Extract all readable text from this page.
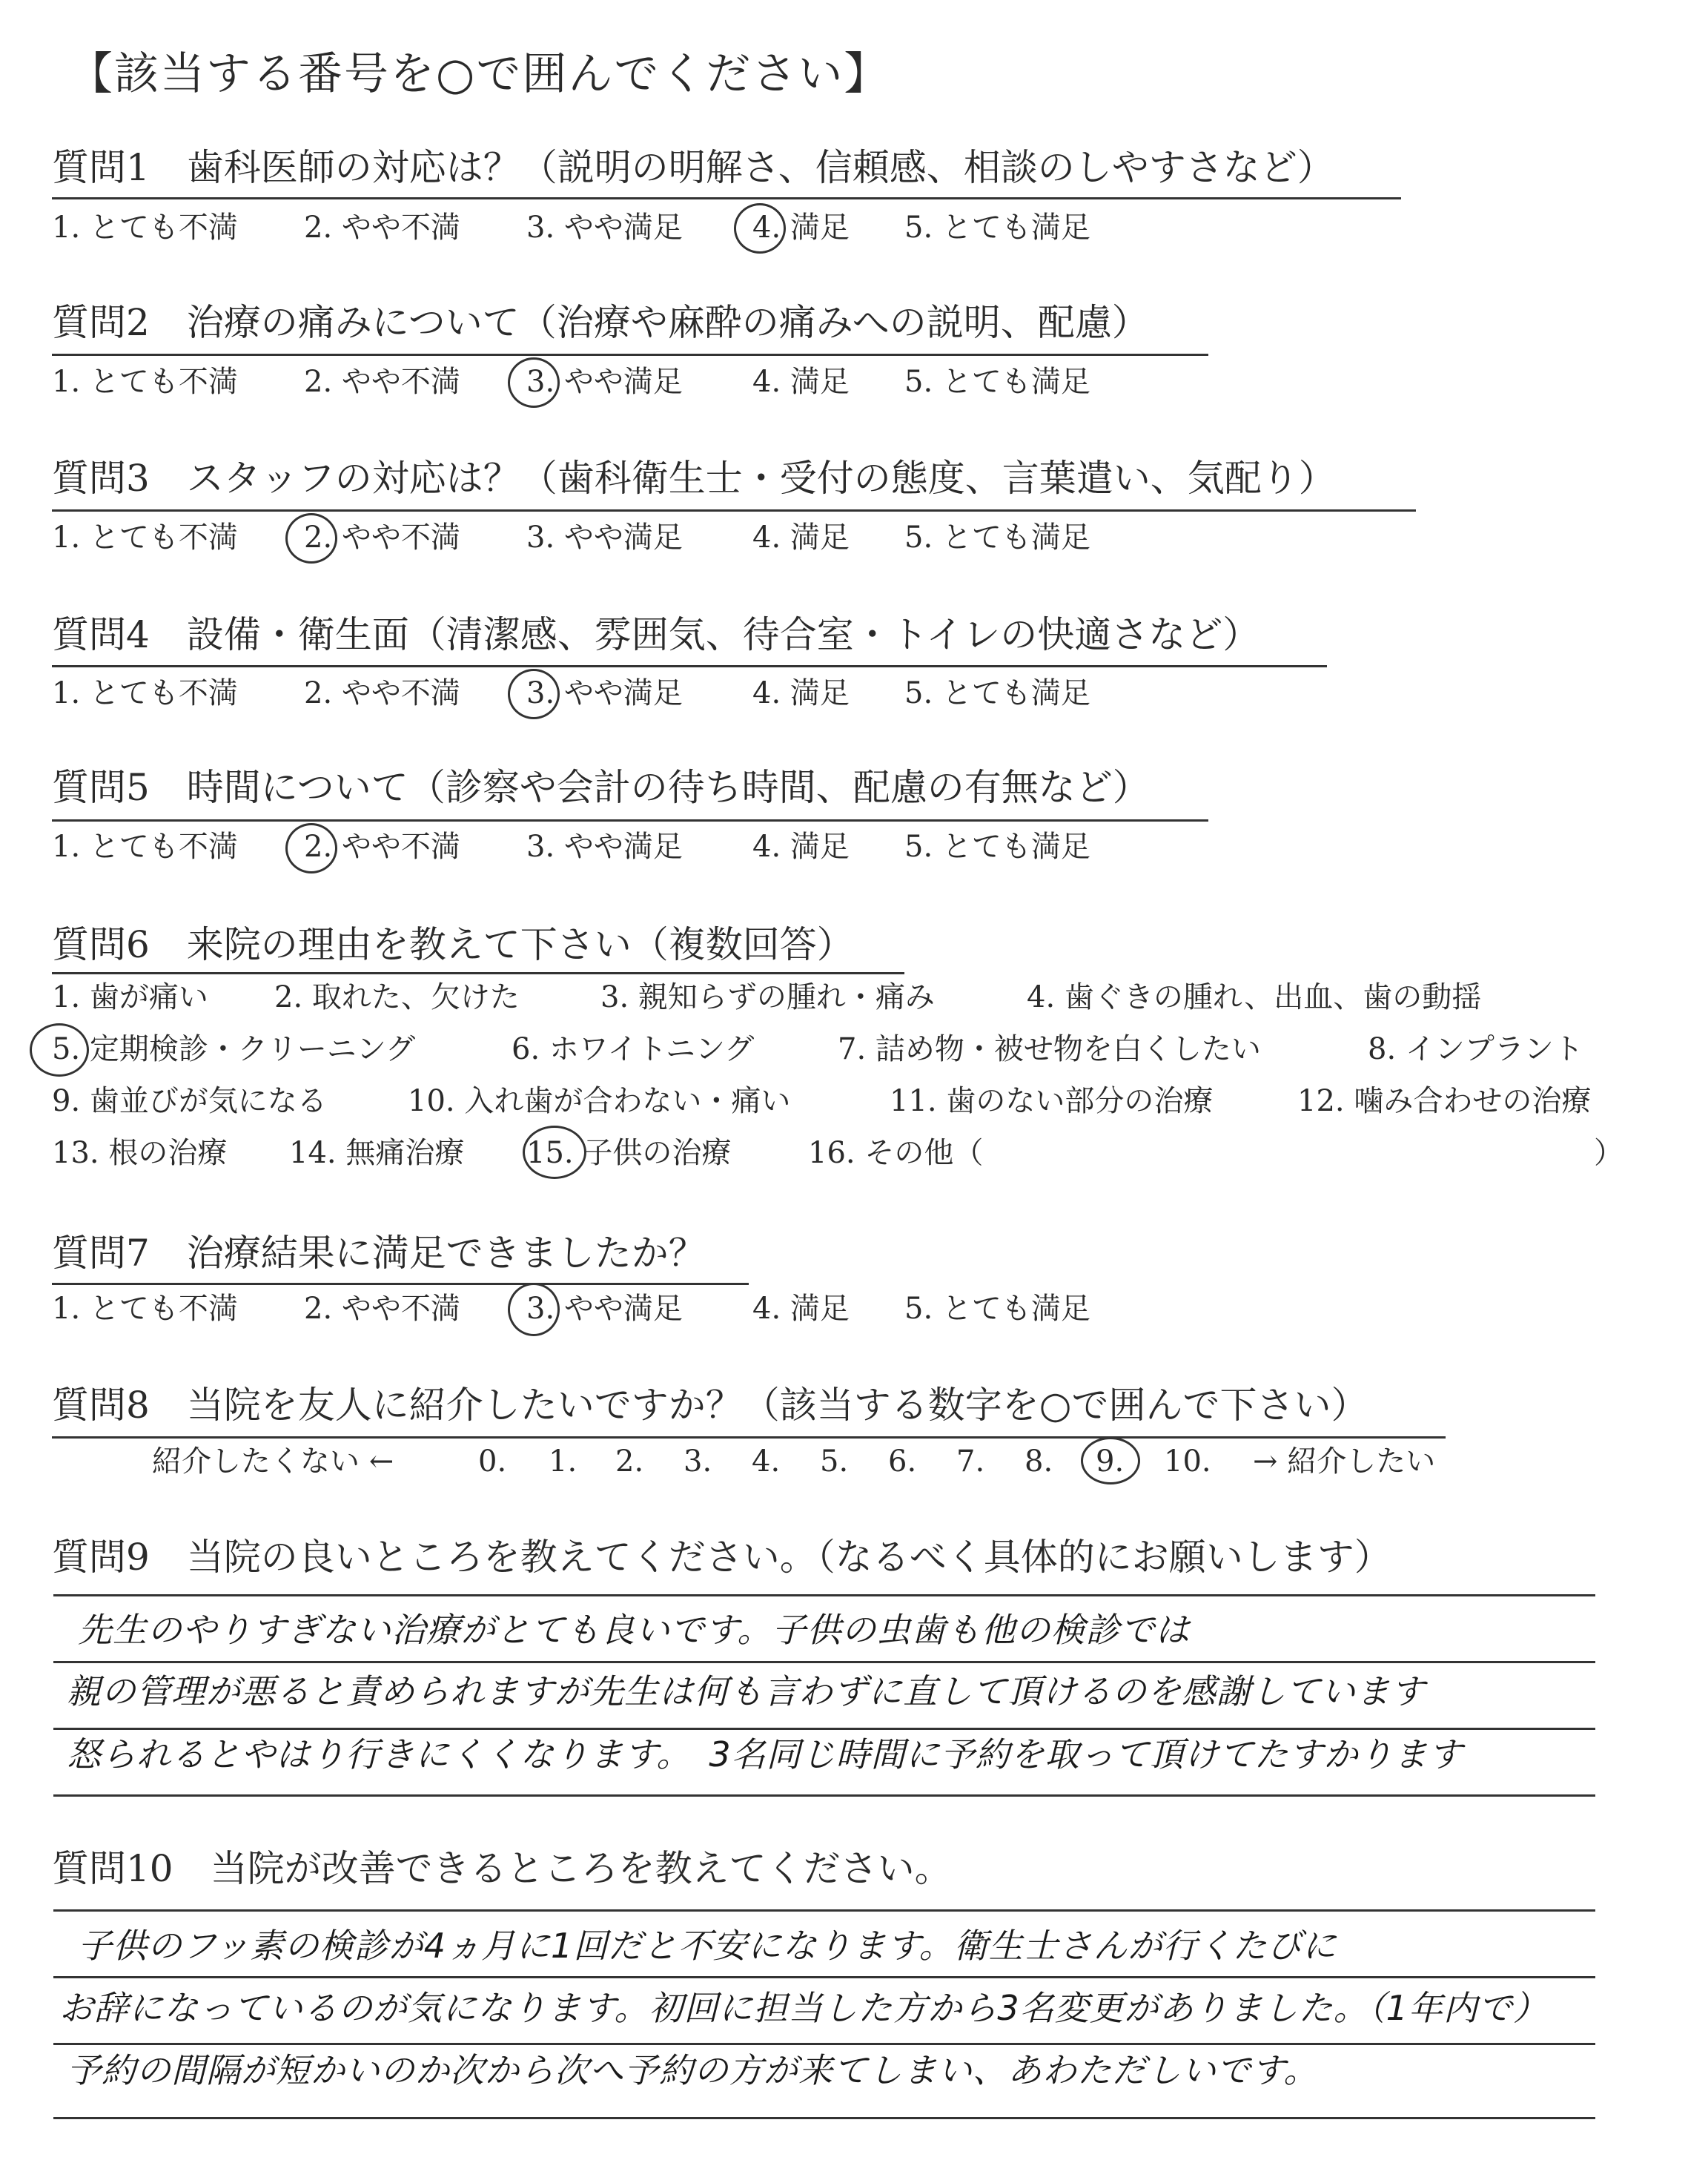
【該当する番号を○で囲んでください】
質問1　歯科医師の対応は？（説明の明解さ、信頼感、相談のしやすさなど）
1. とても不満 2. やや不満 3. やや満足 4. 満足 5. とても満足
質問2　治療の痛みについて（治療や麻酔の痛みへの説明、配慮）
1. とても不満 2. やや不満 3. やや満足 4. 満足 5. とても満足
質問3　スタッフの対応は？（歯科衛生士・受付の態度、言葉遣い、気配り）
1. とても不満 2. やや不満 3. やや満足 4. 満足 5. とても満足
質問4　設備・衛生面（清潔感、雰囲気、待合室・トイレの快適さなど）
1. とても不満 2. やや不満 3. やや満足 4. 満足 5. とても満足
質問5　時間について（診察や会計の待ち時間、配慮の有無など）
1. とても不満 2. やや不満 3. やや満足 4. 満足 5. とても満足
質問6　来院の理由を教えて下さい（複数回答）
1. 歯が痛い 2. 取れた、欠けた	3. 親知らずの腫れ・痛み	4. 歯ぐきの腫れ、出血、歯の動揺
5. 定期検診・クリーニング	6. ホワイトニング	7. 詰め物・被せ物を白くしたい	8. インプラント
9. 歯並びが気になる	10. 入れ歯が合わない・痛い	11. 歯のない部分の治療	12. 噛み合わせの治療
13. 根の治療 14. 無痛治療 15. 子供の治療	16. その他（	）
質問7　治療結果に満足できましたか？
1. とても不満 2. やや不満 3. やや満足 4. 満足 5. とても満足
質問8　当院を友人に紹介したいですか？（該当する数字を○で囲んで下さい）
紹介したくない ←	0. 1. 2. 3. 4. 5. 6. 7. 8. 9. 10. → 紹介したい
質問9　当院の良いところを教えてください。（なるべく具体的にお願いします）
先生のやりすぎない治療がとても良いです。子供の虫歯も他の検診では
親の管理が悪ると責められますが先生は何も言わずに直して頂けるのを感謝しています
怒られるとやはり行きにくくなります。　3名同じ時間に予約を取って頂けてたすかります
質問10　当院が改善できるところを教えてください。
子供のフッ素の検診が4ヵ月に1回だと不安になります。衛生士さんが行くたびに
お辞になっているのが気になります。初回に担当した方から3名変更がありました。（1年内で）
予約の間隔が短かいのか次から次へ予約の方が来てしまい、あわただしいです。
